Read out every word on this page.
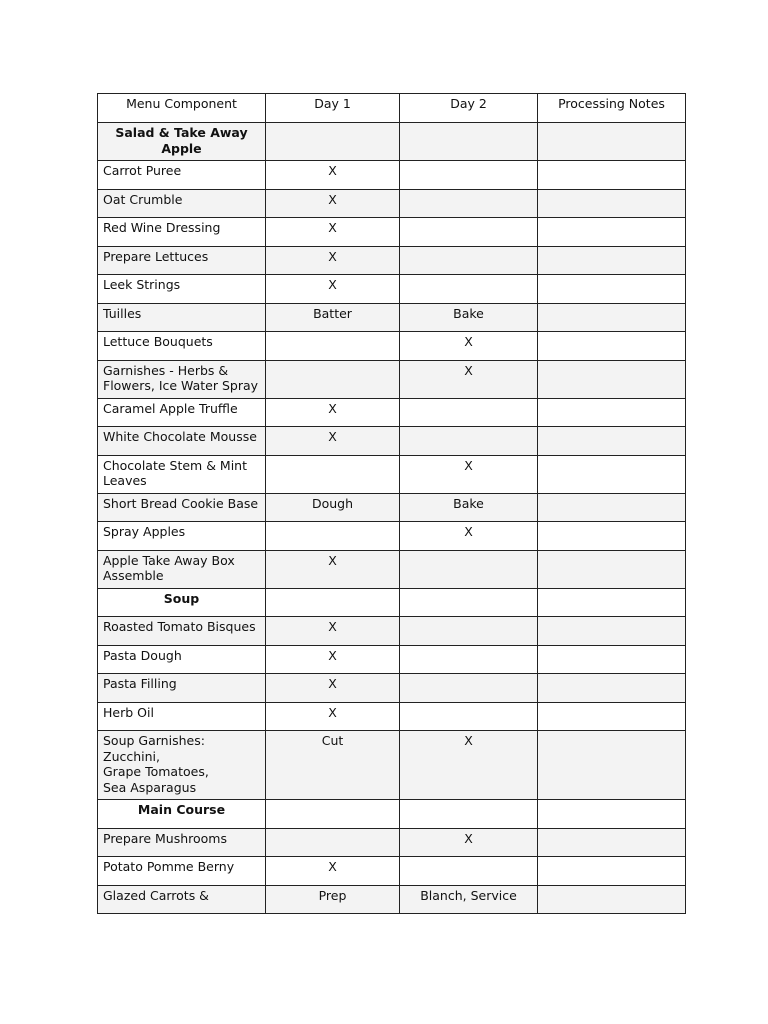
Menu Component	Day 1	Day 2	Processing Notes
Salad & Take Away Apple			
Carrot Puree	X		
Oat Crumble	X		
Red Wine Dressing	X		
Prepare Lettuces	X		
Leek Strings	X		
Tuilles	Batter	Bake	
Lettuce Bouquets		X	
Garnishes - Herbs & Flowers, Ice Water Spray		X	
Caramel Apple Truffle	X		
White Chocolate Mousse	X		
Chocolate Stem & Mint Leaves		X	
Short Bread Cookie Base	Dough	Bake	
Spray Apples		X	
Apple Take Away Box Assemble	X		
Soup			
Roasted Tomato Bisques	X		
Pasta Dough	X		
Pasta Filling	X		
Herb Oil	X		
Soup Garnishes:
Zucchini,
Grape Tomatoes,
Sea Asparagus	Cut	X	
Main Course			
Prepare Mushrooms		X	
Potato Pomme Berny	X		
Glazed Carrots &	Prep	Blanch, Service	
